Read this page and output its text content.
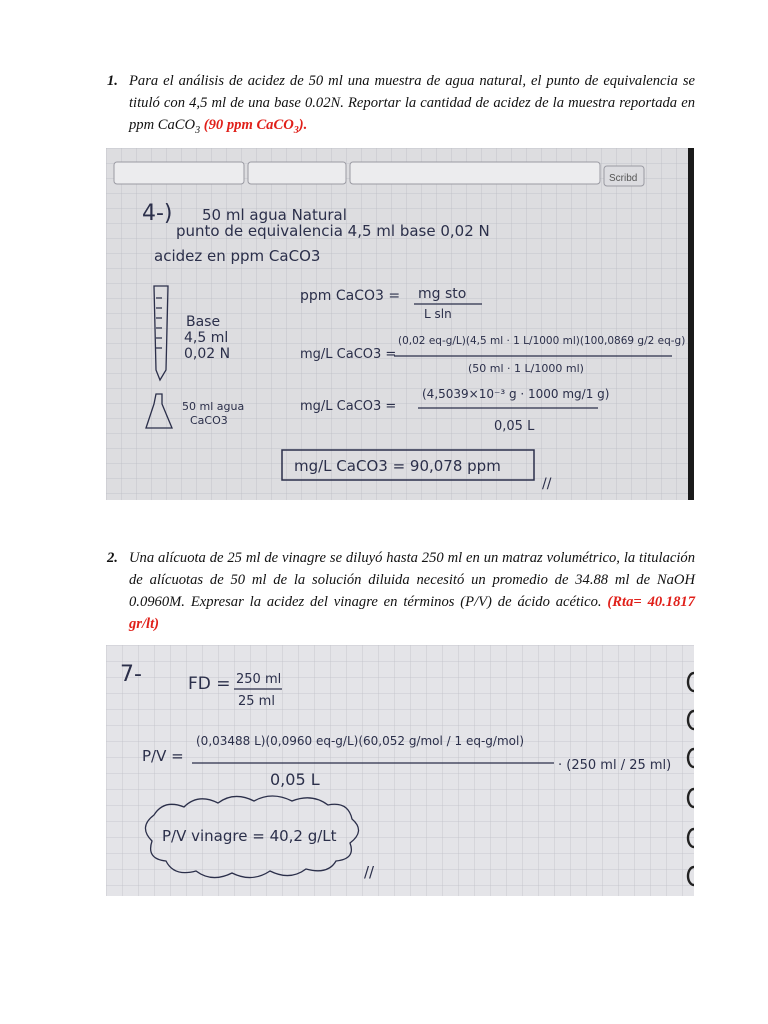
1. Para el análisis de acidez de 50 ml una muestra de agua natural, el punto de equivalencia se tituló con 4,5 ml de una base 0.02N. Reportar la cantidad de acidez de la muestra reportada en ppm CaCO$_3$ (90 ppm CaCO$_3$).
Scribd
4-) 50 ml agua Natural
punto de equivalencia 4,5 ml base 0,02 N
acidez en ppm CaCO3
Base
4,5 ml
0,02 N
50 ml agua
CaCO3
ppm CaCO3 = mg sto
L sln
mg/L CaCO3 =
(0,02 eq-g/L)(4,5 ml · 1 L/1000 ml)(100,0869 g/2 eq-g)
(50 ml · 1 L/1000 ml)
mg/L CaCO3 =
(4,5039×10⁻³ g · 1000 mg/1 g)
0,05 L
mg/L CaCO3 = 90,078 ppm
//
2. Una alícuota de 25 ml de vinagre se diluyó hasta 250 ml en un matraz volumétrico, la titulación de alícuotas de 50 ml de la solución diluida necesitó un promedio de 34.88 ml de NaOH 0.0960M. Expresar la acidez del vinagre en términos (P/V) de ácido acético. (Rta= 40.1817 gr/lt)
7-	FD = 250 ml
25 ml
P/V =
(0,03488 L)(0,0960 eq-g/L)(60,052 g/mol / 1 eq-g/mol)
0,05 L
· (250 ml / 25 ml)
P/V vinagre = 40,2 g/Lt
//
